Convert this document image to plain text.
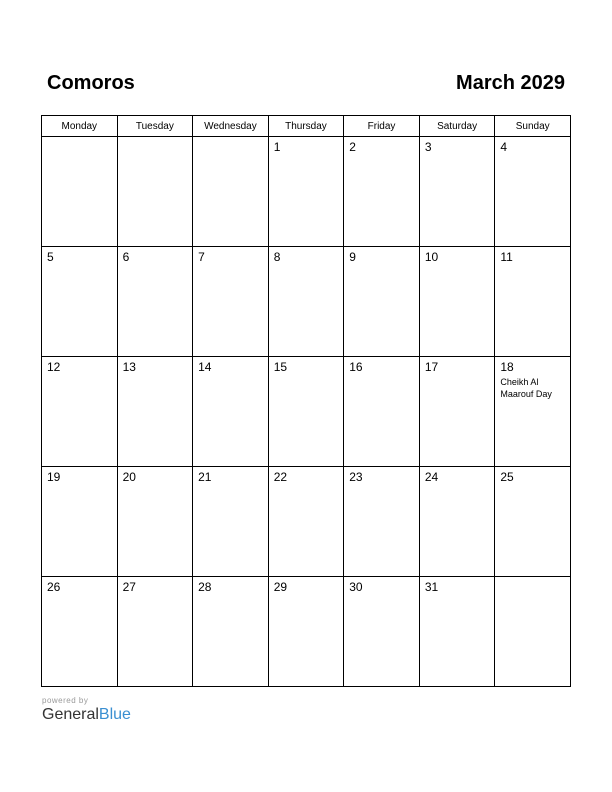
Comoros	March 2029
Monday	Tuesday	Wednesday	Thursday	Friday	Saturday	Sunday

			1	2	3	4

5	6	7	8	9	10	11

12	13	14	15	16	17	18
Cheikh Al Maarouf Day

19	20	21	22	23	24	25

26	27	28	29	30	31	

powered by
GeneralBlue
